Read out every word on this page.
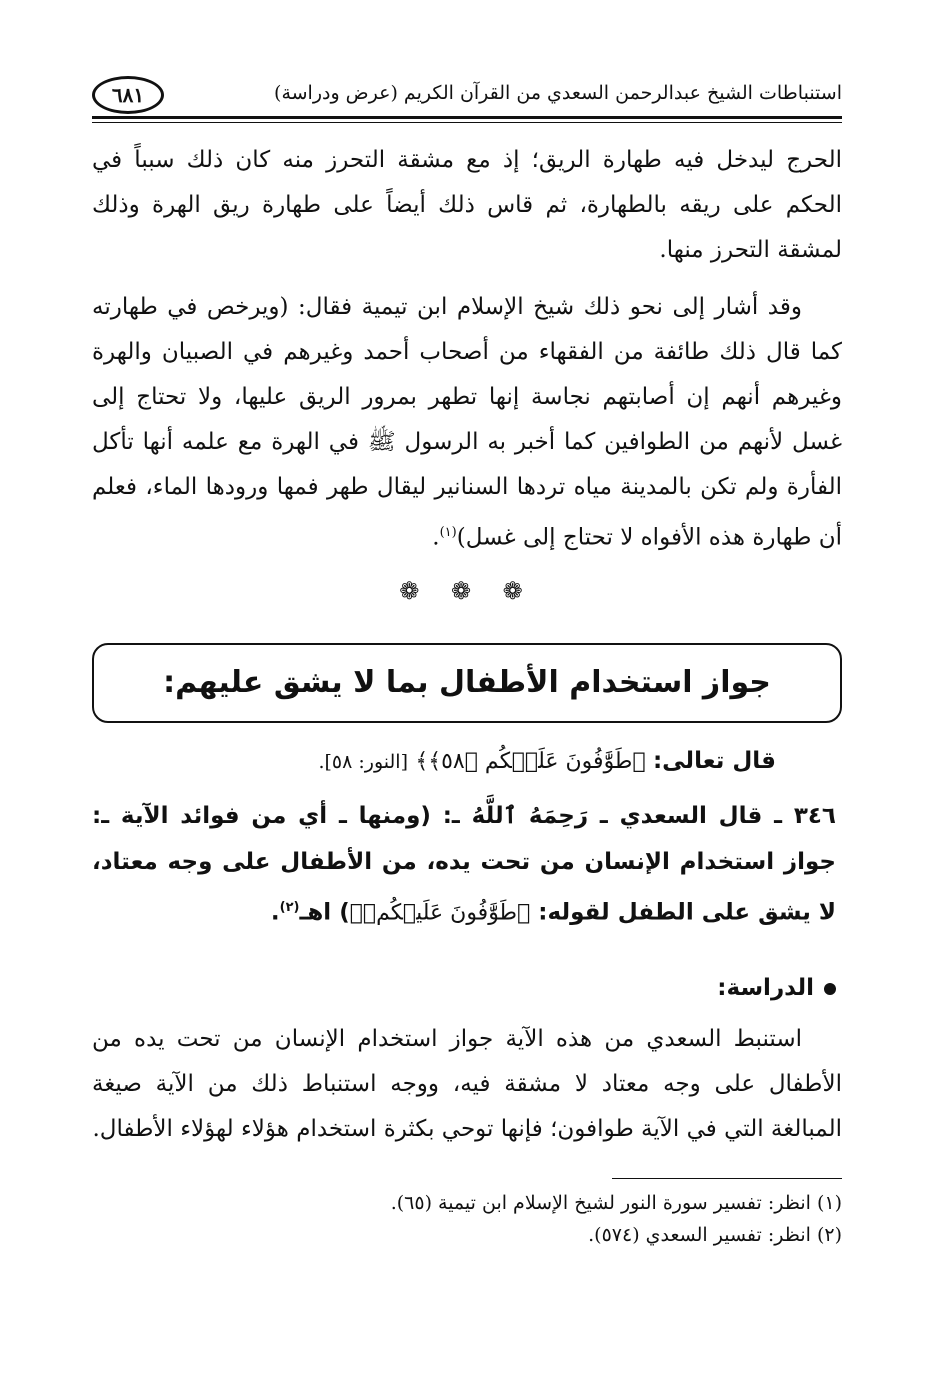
استنباطات الشيخ عبدالرحمن السعدي من القرآن الكريم (عرض ودراسة)
٦٨١

الحرج ليدخل فيه طهارة الريق؛ إذ مع مشقة التحرز منه كان ذلك سبباً في الحكم على ريقه بالطهارة، ثم قاس ذلك أيضاً على طهارة ريق الهرة وذلك لمشقة التحرز منها.

وقد أشار إلى نحو ذلك شيخ الإسلام ابن تيمية فقال: (ويرخص في طهارته كما قال ذلك طائفة من الفقهاء من أصحاب أحمد وغيرهم في الصبيان والهرة وغيرهم أنهم إن أصابتهم نجاسة إنها تطهر بمرور الريق عليها، ولا تحتاج إلى غسل لأنهم من الطوافين كما أخبر به الرسول ﷺ في الهرة مع علمه أنها تأكل الفأرة ولم تكن بالمدينة مياه تردها السنانير ليقال طهر فمها ورودها الماء، فعلم أن طهارة هذه الأفواه لا تحتاج إلى غسل)$^{(١)}$.

❁ ❁ ❁
جواز استخدام الأطفال بما لا يشق عليهم:
قال تعالى: ﴿طَوَّٰفُونَ عَلَيۡكُم ﴿٥٨﴾﴾ [النور: ٥٨].

٣٤٦ ـ قال السعدي ـ رَحِمَهُ ٱللَّهُ ـ: (ومنها ـ أي من فوائد الآية ـ: جواز استخدام الإنسان من تحت يده، من الأطفال على وجه معتاد، لا يشق على الطفل لقوله: ﴿طَوَّٰفُونَ عَلَيۡكُمۡ﴾) اهـ$^{(٢)}$.

الدراسة:

استنبط السعدي من هذه الآية جواز استخدام الإنسان من تحت يده من الأطفال على وجه معتاد لا مشقة فيه، ووجه استنباط ذلك من الآية صيغة المبالغة التي في الآية طوافون؛ فإنها توحي بكثرة استخدام هؤلاء لهؤلاء الأطفال.

(١) انظر: تفسير سورة النور لشيخ الإسلام ابن تيمية (٦٥).

(٢) انظر: تفسير السعدي (٥٧٤).
